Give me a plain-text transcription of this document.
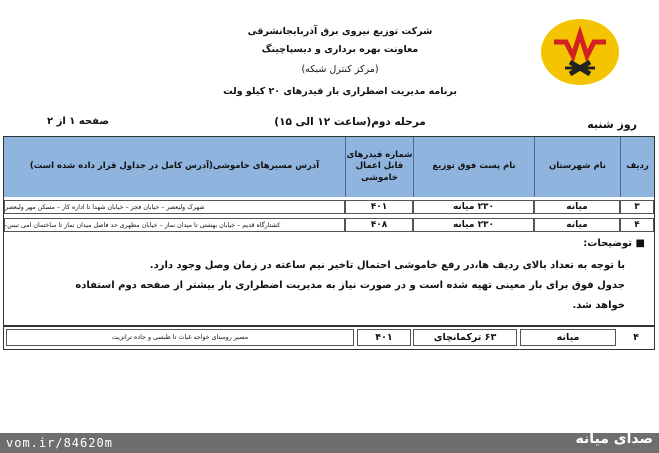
شرکت توزیع نیروی برق آذربایجانشرقی
معاونت بهره برداری و دیسپاچینگ
(مرکز کنترل شبکه)
برنامه مدیریت اضطراری بار فیدرهای ۲۰ کیلو ولت
روز شنبه
مرحله دوم(ساعت ۱۲ الی ۱۵)
صفحه ۱ از ۲
ردیف
نام شهرستان
نام پست فوق توزیع
شماره فیدرهای قابل اعمال خاموشی
آدرس مسیرهای خاموشی(آدرس کامل در جداول قرار داده شده است)
۳
میانه
۲۳۰ میانه
۴۰۱
شهرک ولیعصر – خیابان فجر – خیابان شهدا تا اداره کار – مسکن مهر ولیعصر
۴
میانه
۲۳۰ میانه
۴۰۸
کشتارگاه قدیم – خیابان بهشتی تا میدان نماز – خیابان مطهری حد فاصل میدان نماز تا ساختمان امی تیس-
■ توضیحات:
با توجه به تعداد بالای ردیف ها،در رفع خاموشی احتمال تاخیر نیم ساعته در زمان وصل وجود دارد.
جدول فوق برای بار معینی تهیه شده است و در صورت نیاز به مدیریت اضطراری بار بیشتر از صفحه دوم استفاده
خواهد شد.
۴
میانه
۶۳ ترکمانچای
۴۰۱
مسیر روستای خواجه غیاث تا طبسی و جاده ترانزیت
vom.ir/84620m	صدای میانه
